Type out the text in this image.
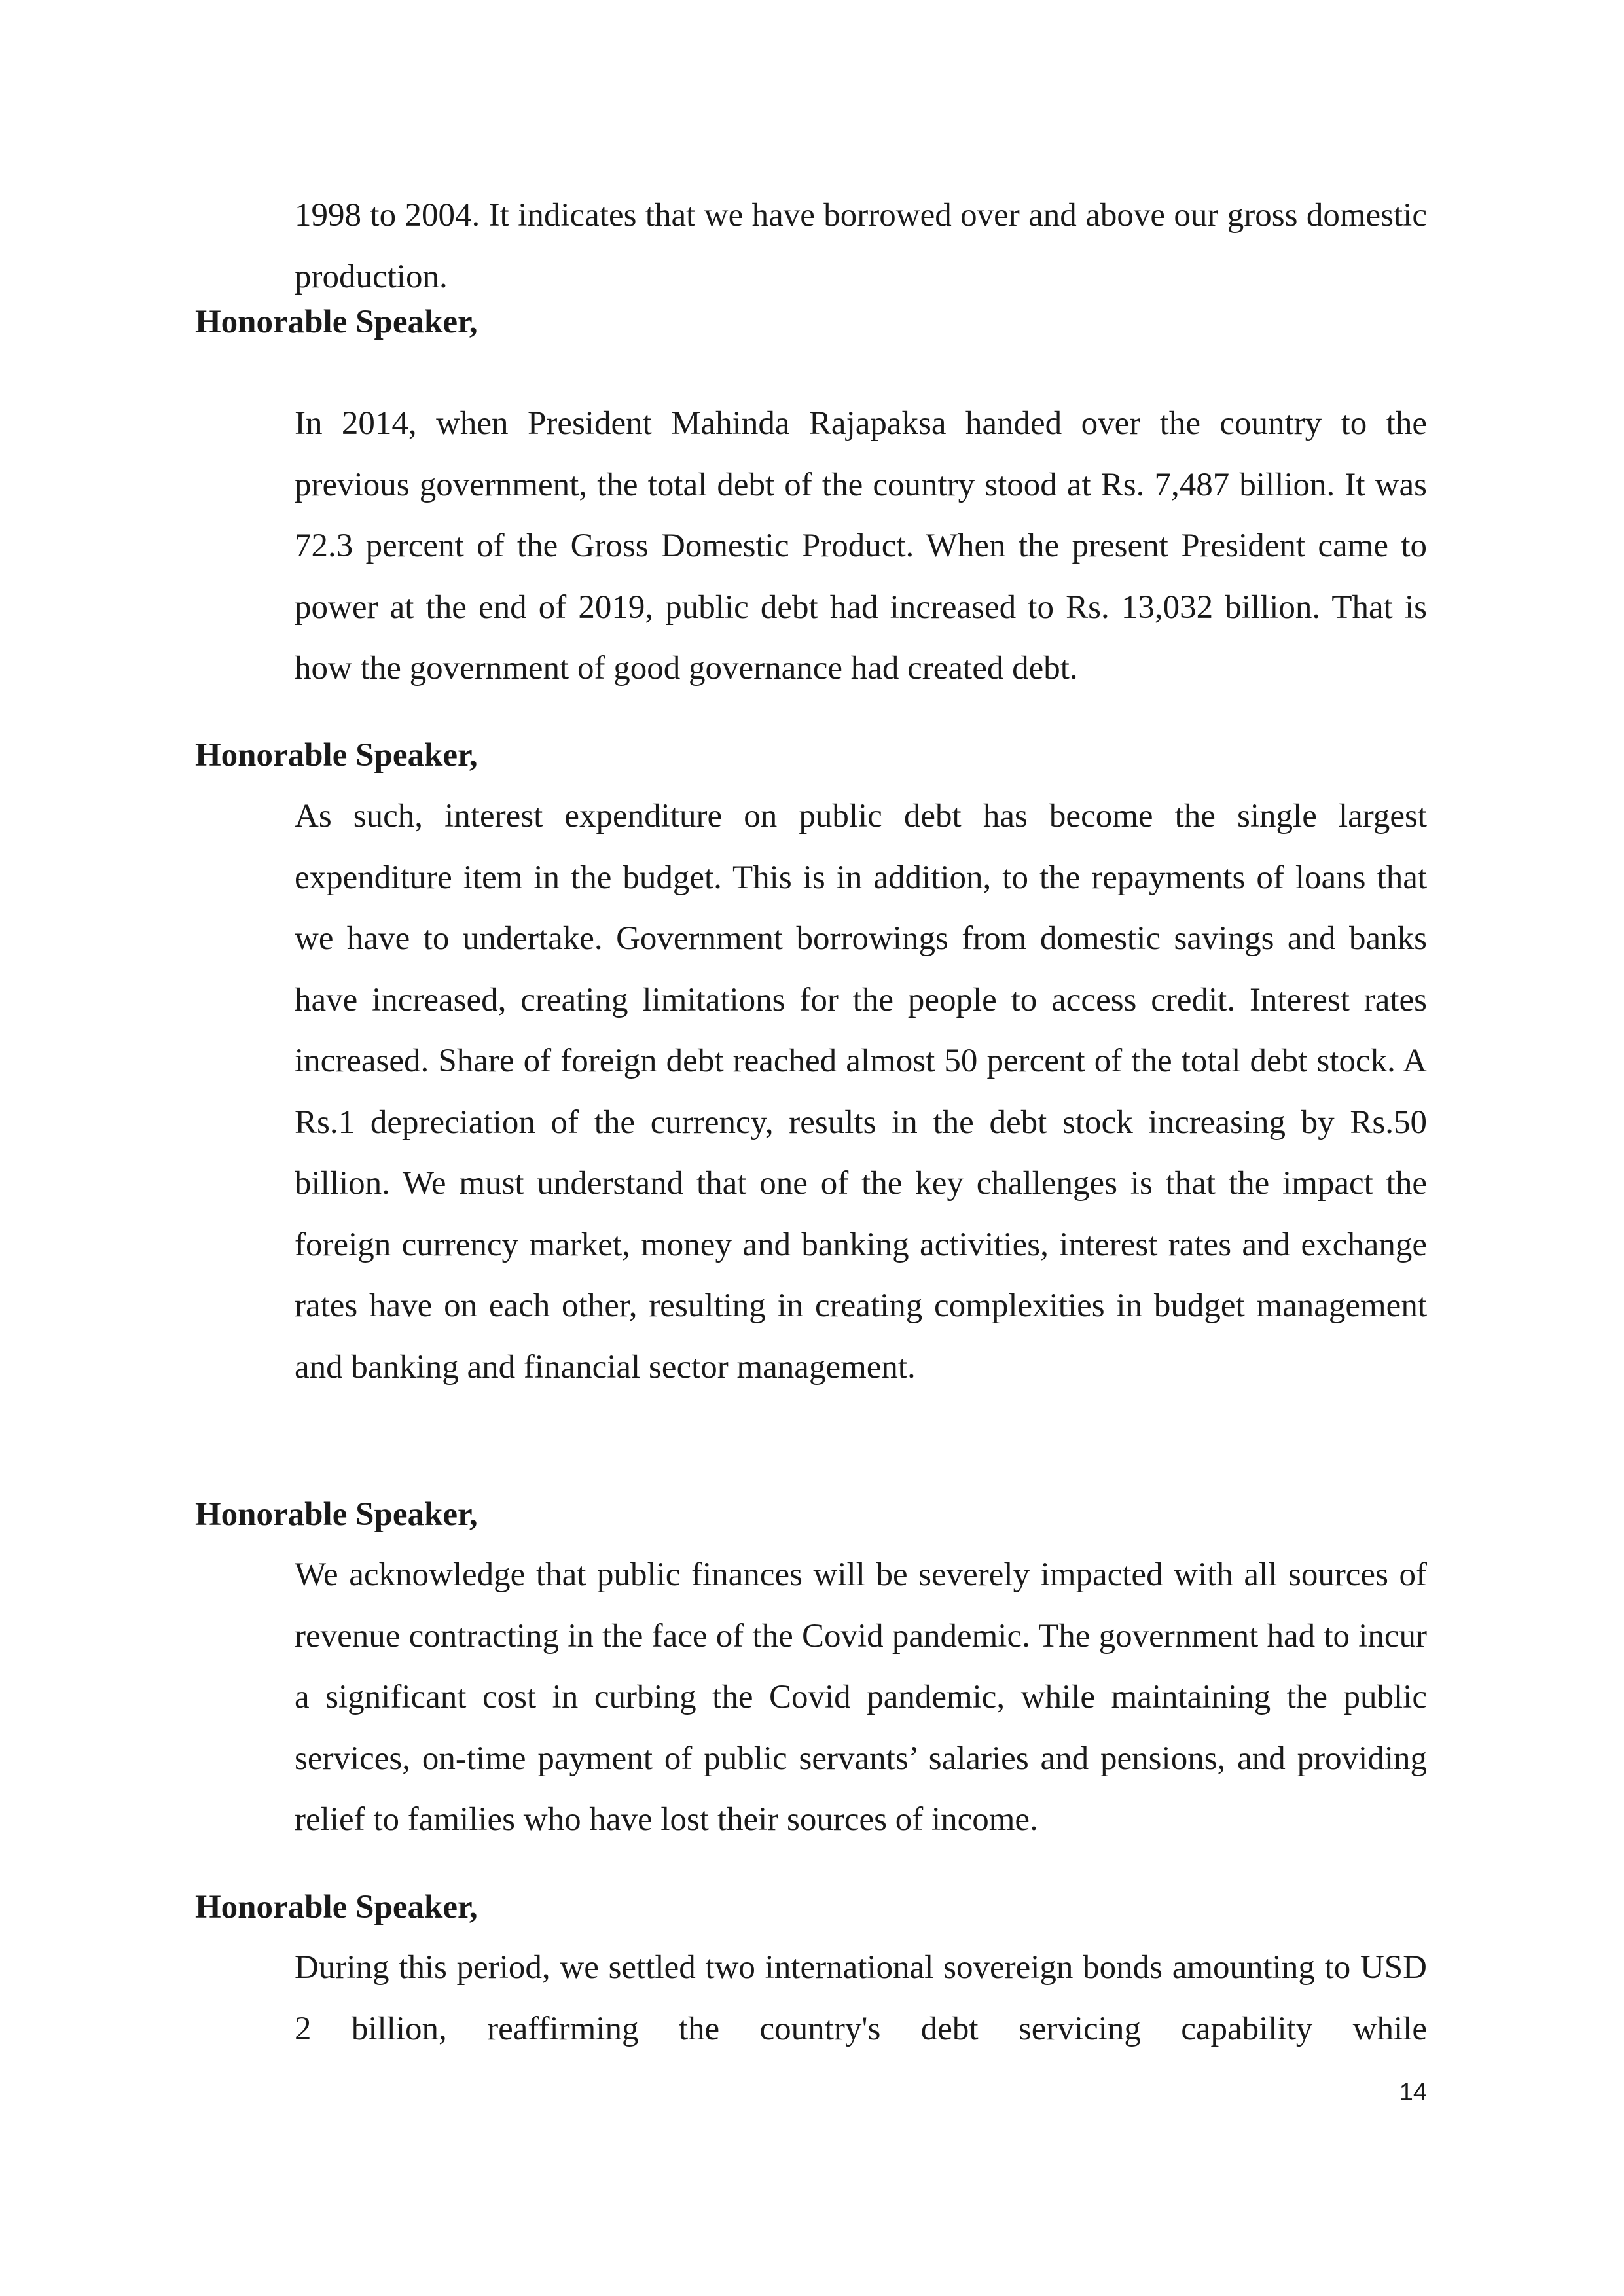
1998 to 2004. It indicates that we have borrowed over and above our gross domestic production.

Honorable Speaker,

In 2014, when President Mahinda Rajapaksa handed over the country to the previous government, the total debt of the country stood at Rs. 7,487 billion. It was 72.3 percent of the Gross Domestic Product. When the present President came to power at the end of 2019, public debt had increased to Rs. 13,032 billion. That is how the government of good governance had created debt.

Honorable Speaker,

As such, interest expenditure on public debt has become the single largest expenditure item in the budget. This is in addition, to the repayments of loans that we have to undertake. Government borrowings from domestic savings and banks have increased, creating limitations for the people to access credit. Interest rates increased. Share of foreign debt reached almost 50 percent of the total debt stock. A Rs.1 depreciation of the currency, results in the debt stock increasing by Rs.50 billion. We must understand that one of the key challenges is that the impact the foreign currency market, money and banking activities, interest rates and exchange rates have on each other, resulting in creating complexities in budget management and banking and financial sector management.

Honorable Speaker,

We acknowledge that public finances will be severely impacted with all sources of revenue contracting in the face of the Covid pandemic. The government had to incur a significant cost in curbing the Covid pandemic, while maintaining the public services, on-time payment of public servants’ salaries and pensions, and providing relief to families who have lost their sources of income.

Honorable Speaker,

During this period, we settled two international sovereign bonds amounting to USD 2 billion, reaffirming the country's debt servicing capability while

14
